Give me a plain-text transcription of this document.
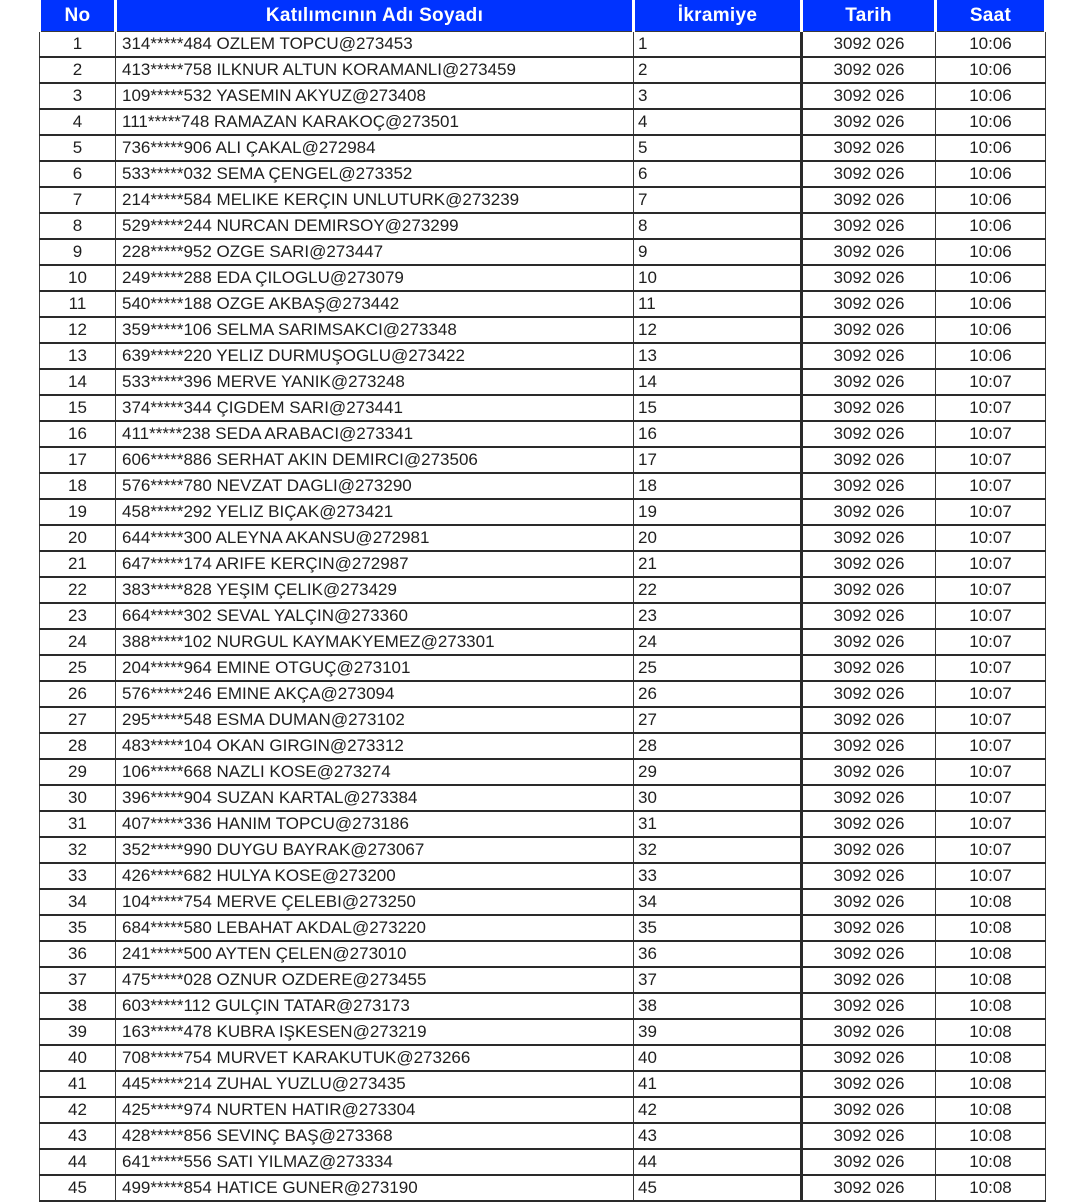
No	Katılımcının Adı Soyadı	İkramiye	Tarih	Saat
1	314*****484 OZLEM TOPCU@273453	1	3092 026	10:06
2	413*****758 ILKNUR ALTUN KORAMANLI@273459	2	3092 026	10:06
3	109*****532 YASEMIN AKYUZ@273408	3	3092 026	10:06
4	111*****748 RAMAZAN KARAKOÇ@273501	4	3092 026	10:06
5	736*****906 ALI ÇAKAL@272984	5	3092 026	10:06
6	533*****032 SEMA ÇENGEL@273352	6	3092 026	10:06
7	214*****584 MELIKE KERÇIN UNLUTURK@273239	7	3092 026	10:06
8	529*****244 NURCAN DEMIRSOY@273299	8	3092 026	10:06
9	228*****952 OZGE SARI@273447	9	3092 026	10:06
10	249*****288 EDA ÇILOGLU@273079	10	3092 026	10:06
11	540*****188 OZGE AKBAŞ@273442	11	3092 026	10:06
12	359*****106 SELMA SARIMSAKCI@273348	12	3092 026	10:06
13	639*****220 YELIZ DURMUŞOGLU@273422	13	3092 026	10:06
14	533*****396 MERVE YANIK@273248	14	3092 026	10:07
15	374*****344 ÇIGDEM SARI@273441	15	3092 026	10:07
16	411*****238 SEDA ARABACI@273341	16	3092 026	10:07
17	606*****886 SERHAT AKIN DEMIRCI@273506	17	3092 026	10:07
18	576*****780 NEVZAT DAGLI@273290	18	3092 026	10:07
19	458*****292 YELIZ BIÇAK@273421	19	3092 026	10:07
20	644*****300 ALEYNA AKANSU@272981	20	3092 026	10:07
21	647*****174 ARIFE KERÇIN@272987	21	3092 026	10:07
22	383*****828 YEŞIM ÇELIK@273429	22	3092 026	10:07
23	664*****302 SEVAL YALÇIN@273360	23	3092 026	10:07
24	388*****102 NURGUL KAYMAKYEMEZ@273301	24	3092 026	10:07
25	204*****964 EMINE OTGUÇ@273101	25	3092 026	10:07
26	576*****246 EMINE AKÇA@273094	26	3092 026	10:07
27	295*****548 ESMA DUMAN@273102	27	3092 026	10:07
28	483*****104 OKAN GIRGIN@273312	28	3092 026	10:07
29	106*****668 NAZLI KOSE@273274	29	3092 026	10:07
30	396*****904 SUZAN KARTAL@273384	30	3092 026	10:07
31	407*****336 HANIM TOPCU@273186	31	3092 026	10:07
32	352*****990 DUYGU BAYRAK@273067	32	3092 026	10:07
33	426*****682 HULYA KOSE@273200	33	3092 026	10:07
34	104*****754 MERVE ÇELEBI@273250	34	3092 026	10:08
35	684*****580 LEBAHAT AKDAL@273220	35	3092 026	10:08
36	241*****500 AYTEN ÇELEN@273010	36	3092 026	10:08
37	475*****028 OZNUR OZDERE@273455	37	3092 026	10:08
38	603*****112 GULÇIN TATAR@273173	38	3092 026	10:08
39	163*****478 KUBRA IŞKESEN@273219	39	3092 026	10:08
40	708*****754 MURVET KARAKUTUK@273266	40	3092 026	10:08
41	445*****214 ZUHAL YUZLU@273435	41	3092 026	10:08
42	425*****974 NURTEN HATIR@273304	42	3092 026	10:08
43	428*****856 SEVINÇ BAŞ@273368	43	3092 026	10:08
44	641*****556 SATI YILMAZ@273334	44	3092 026	10:08
45	499*****854 HATICE GUNER@273190	45	3092 026	10:08
